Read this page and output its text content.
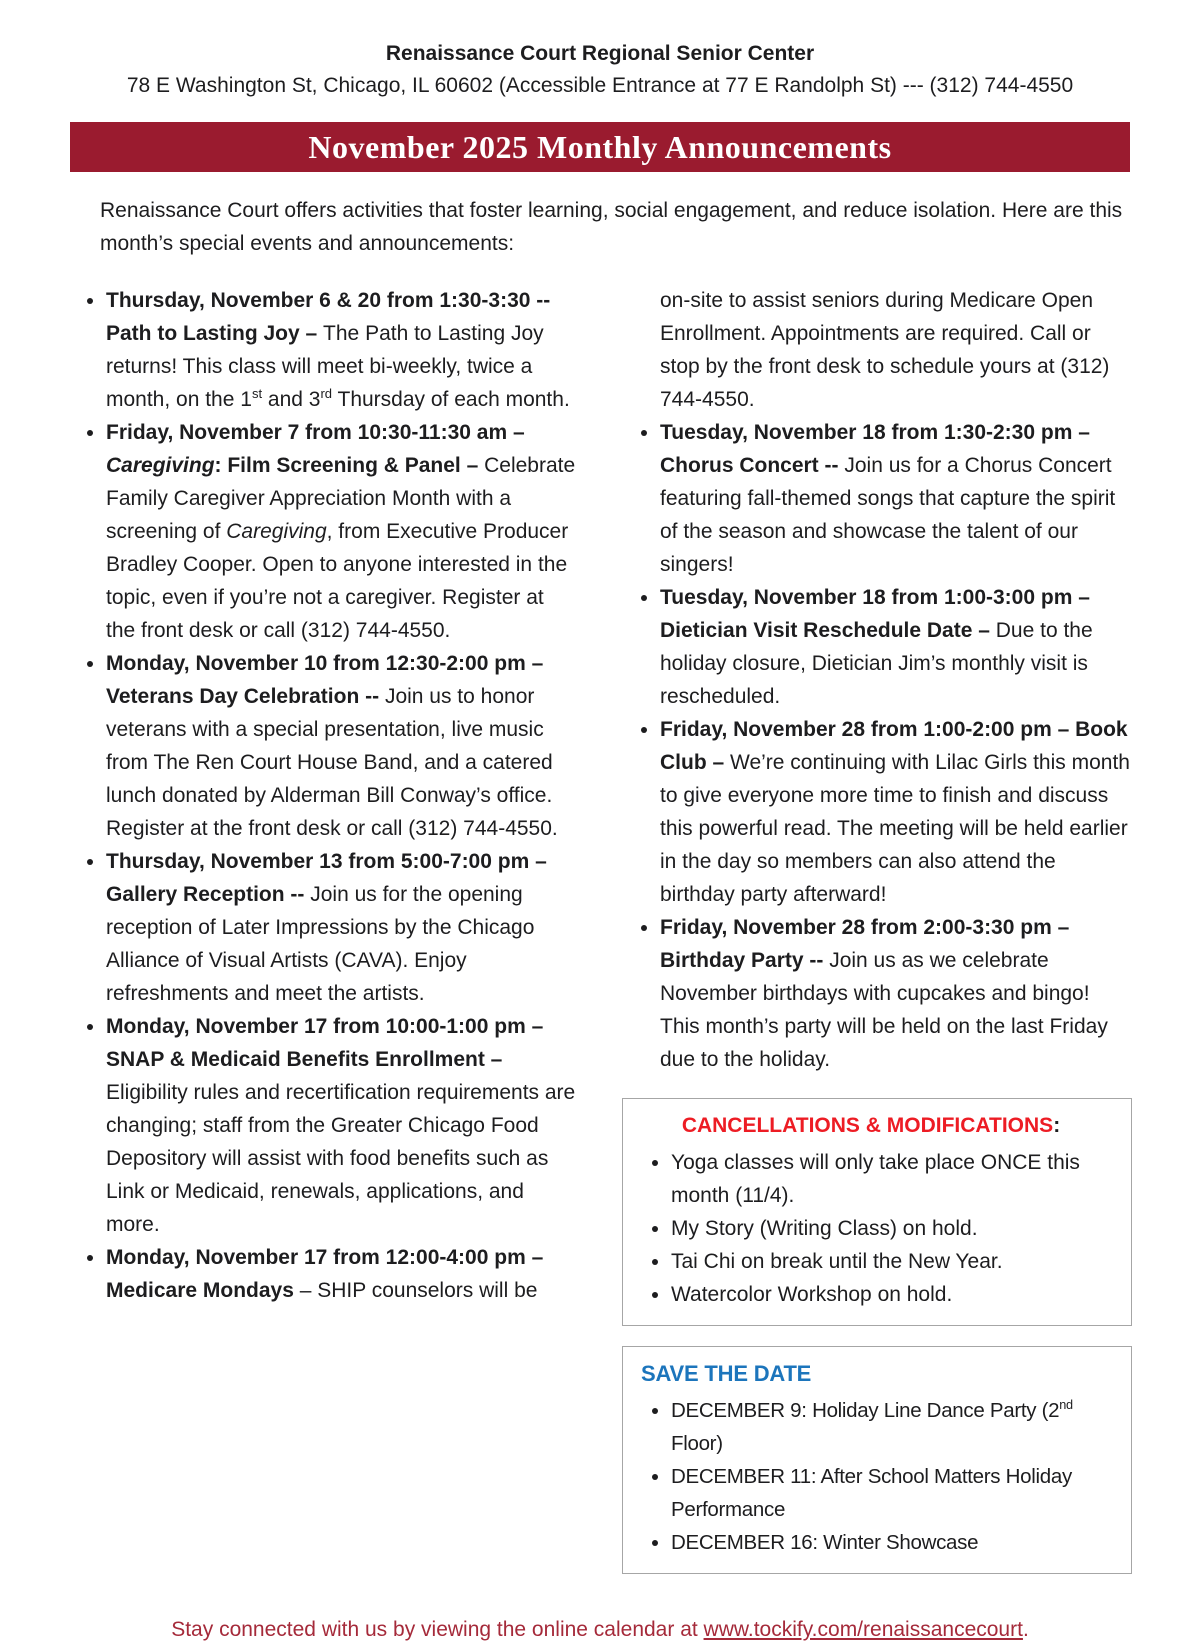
Renaissance Court Regional Senior Center
78 E Washington St, Chicago, IL 60602 (Accessible Entrance at 77 E Randolph St) --- (312) 744-4550
November 2025 Monthly Announcements
Renaissance Court offers activities that foster learning, social engagement, and reduce isolation. Here are this month’s special events and announcements:
• Thursday, November 6 & 20 from 1:30-3:30 -- Path to Lasting Joy – The Path to Lasting Joy returns! This class will meet bi-weekly, twice a month, on the 1st and 3rd Thursday of each month.
• Friday, November 7 from 10:30-11:30 am – Caregiving: Film Screening & Panel – Celebrate Family Caregiver Appreciation Month with a screening of Caregiving, from Executive Producer Bradley Cooper. Open to anyone interested in the topic, even if you’re not a caregiver. Register at the front desk or call (312) 744-4550.
• Monday, November 10 from 12:30-2:00 pm – Veterans Day Celebration -- Join us to honor veterans with a special presentation, live music from The Ren Court House Band, and a catered lunch donated by Alderman Bill Conway’s office. Register at the front desk or call (312) 744-4550.
• Thursday, November 13 from 5:00-7:00 pm – Gallery Reception -- Join us for the opening reception of Later Impressions by the Chicago Alliance of Visual Artists (CAVA). Enjoy refreshments and meet the artists.
• Monday, November 17 from 10:00-1:00 pm – SNAP & Medicaid Benefits Enrollment – Eligibility rules and recertification requirements are changing; staff from the Greater Chicago Food Depository will assist with food benefits such as Link or Medicaid, renewals, applications, and more.
• Monday, November 17 from 12:00-4:00 pm – Medicare Mondays – SHIP counselors will be
on-site to assist seniors during Medicare Open Enrollment. Appointments are required. Call or stop by the front desk to schedule yours at (312) 744-4550.
• Tuesday, November 18 from 1:30-2:30 pm – Chorus Concert -- Join us for a Chorus Concert featuring fall-themed songs that capture the spirit of the season and showcase the talent of our singers!
• Tuesday, November 18 from 1:00-3:00 pm – Dietician Visit Reschedule Date – Due to the holiday closure, Dietician Jim’s monthly visit is rescheduled.
• Friday, November 28 from 1:00-2:00 pm – Book Club – We’re continuing with Lilac Girls this month to give everyone more time to finish and discuss this powerful read. The meeting will be held earlier in the day so members can also attend the birthday party afterward!
• Friday, November 28 from 2:00-3:30 pm – Birthday Party -- Join us as we celebrate November birthdays with cupcakes and bingo! This month’s party will be held on the last Friday due to the holiday.
CANCELLATIONS & MODIFICATIONS:
• Yoga classes will only take place ONCE this month (11/4).
• My Story (Writing Class) on hold.
• Tai Chi on break until the New Year.
• Watercolor Workshop on hold.
SAVE THE DATE
• DECEMBER 9: Holiday Line Dance Party (2nd Floor)
• DECEMBER 11: After School Matters Holiday Performance
• DECEMBER 16: Winter Showcase
Stay connected with us by viewing the online calendar at www.tockify.com/renaissancecourt.
